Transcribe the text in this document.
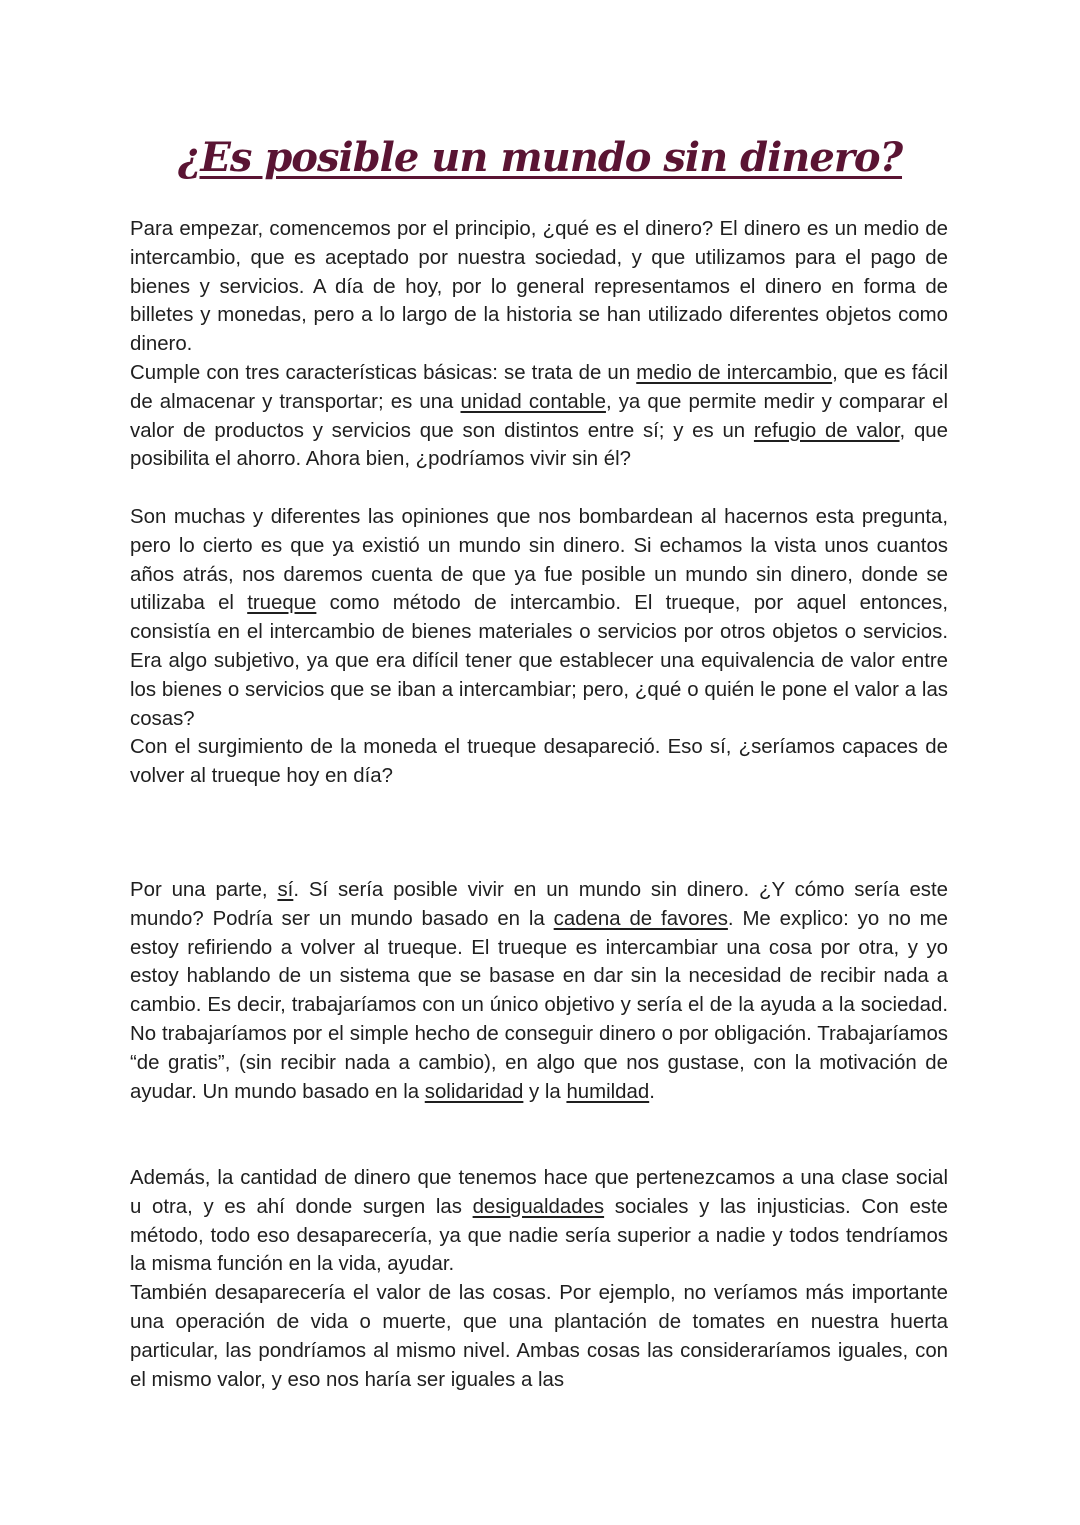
¿Es posible un mundo sin dinero?

Para empezar, comencemos por el principio, ¿qué es el dinero? El dinero es un medio de intercambio, que es aceptado por nuestra sociedad, y que utilizamos para el pago de bienes y servicios. A día de hoy, por lo general representamos el dinero en forma de billetes y monedas, pero a lo largo de la historia se han utilizado diferentes objetos como dinero.

Cumple con tres características básicas: se trata de un medio de intercambio, que es fácil de almacenar y transportar; es una unidad contable, ya que permite medir y comparar el valor de productos y servicios que son distintos entre sí; y es un refugio de valor, que posibilita el ahorro. Ahora bien, ¿podríamos vivir sin él?

Son muchas y diferentes las opiniones que nos bombardean al hacernos esta pregunta, pero lo cierto es que ya existió un mundo sin dinero. Si echamos la vista unos cuantos años atrás, nos daremos cuenta de que ya fue posible un mundo sin dinero, donde se utilizaba el trueque como método de intercambio. El trueque, por aquel entonces, consistía en el intercambio de bienes materiales o servicios por otros objetos o servicios. Era algo subjetivo, ya que era difícil tener que establecer una equivalencia de valor entre los bienes o servicios que se iban a intercambiar; pero, ¿qué o quién le pone el valor a las cosas?

Con el surgimiento de la moneda el trueque desapareció. Eso sí, ¿seríamos capaces de volver al trueque hoy en día?

Por una parte, sí. Sí sería posible vivir en un mundo sin dinero. ¿Y cómo sería este mundo? Podría ser un mundo basado en la cadena de favores. Me explico: yo no me estoy refiriendo a volver al trueque. El trueque es intercambiar una cosa por otra, y yo estoy hablando de un sistema que se basase en dar sin la necesidad de recibir nada a cambio. Es decir, trabajaríamos con un único objetivo y sería el de la ayuda a la sociedad. No trabajaríamos por el simple hecho de conseguir dinero o por obligación. Trabajaríamos “de gratis”, (sin recibir nada a cambio), en algo que nos gustase, con la motivación de ayudar. Un mundo basado en la solidaridad y la humildad.

Además, la cantidad de dinero que tenemos hace que pertenezcamos a una clase social u otra, y es ahí donde surgen las desigualdades sociales y las injusticias. Con este método, todo eso desaparecería, ya que nadie sería superior a nadie y todos tendríamos la misma función en la vida, ayudar.

También desaparecería el valor de las cosas. Por ejemplo, no veríamos más importante una operación de vida o muerte, que una plantación de tomates en nuestra huerta particular, las pondríamos al mismo nivel. Ambas cosas las consideraríamos iguales, con el mismo valor, y eso nos haría ser iguales a las
